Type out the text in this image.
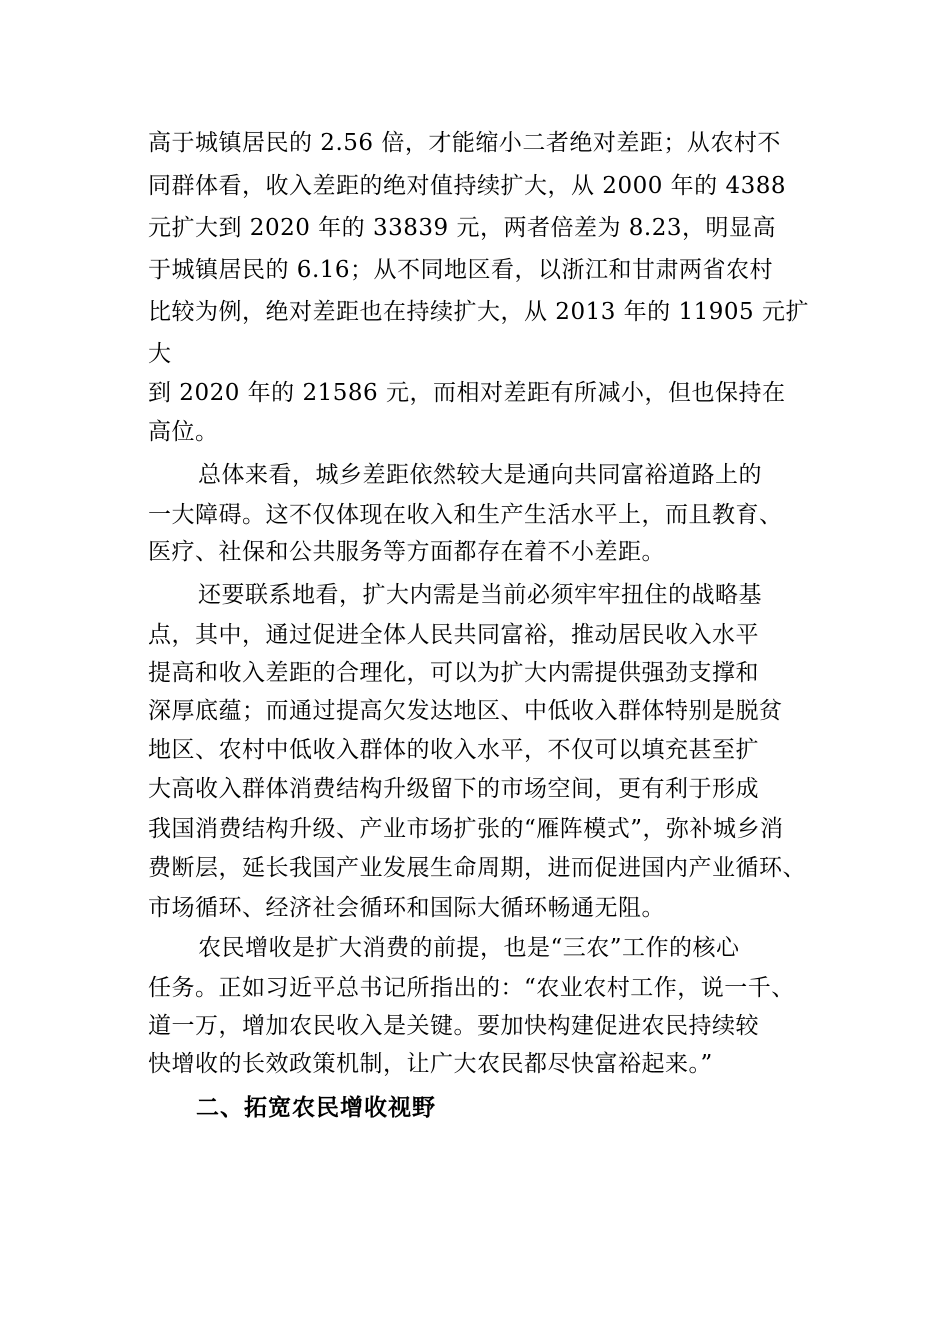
高于城镇居民的 2.56 倍，才能缩小二者绝对差距；从农村不
同群体看，收入差距的绝对值持续扩大，从 2000 年的 4388
元扩大到 2020 年的 33839 元，两者倍差为 8.23，明显高
于城镇居民的 6.16；从不同地区看，以浙江和甘肃两省农村
比较为例，绝对差距也在持续扩大，从 2013 年的 11905 元扩
大
到 2020 年的 21586 元，而相对差距有所减小，但也保持在
高位。
总体来看，城乡差距依然较大是通向共同富裕道路上的
一大障碍。这不仅体现在收入和生产生活水平上，而且教育、
医疗、社保和公共服务等方面都存在着不小差距。
还要联系地看，扩大内需是当前必须牢牢扭住的战略基
点，其中，通过促进全体人民共同富裕，推动居民收入水平
提高和收入差距的合理化，可以为扩大内需提供强劲支撑和
深厚底蕴；而通过提高欠发达地区、中低收入群体特别是脱贫
地区、农村中低收入群体的收入水平，不仅可以填充甚至扩
大高收入群体消费结构升级留下的市场空间，更有利于形成
我国消费结构升级、产业市场扩张的“雁阵模式”，弥补城乡消
费断层，延长我国产业发展生命周期，进而促进国内产业循环、
市场循环、经济社会循环和国际大循环畅通无阻。
农民增收是扩大消费的前提，也是“三农”工作的核心
任务。正如习近平总书记所指出的：“农业农村工作，说一千、
道一万，增加农民收入是关键。要加快构建促进农民持续较
快增收的长效政策机制，让广大农民都尽快富裕起来。”
二、拓宽农民增收视野
